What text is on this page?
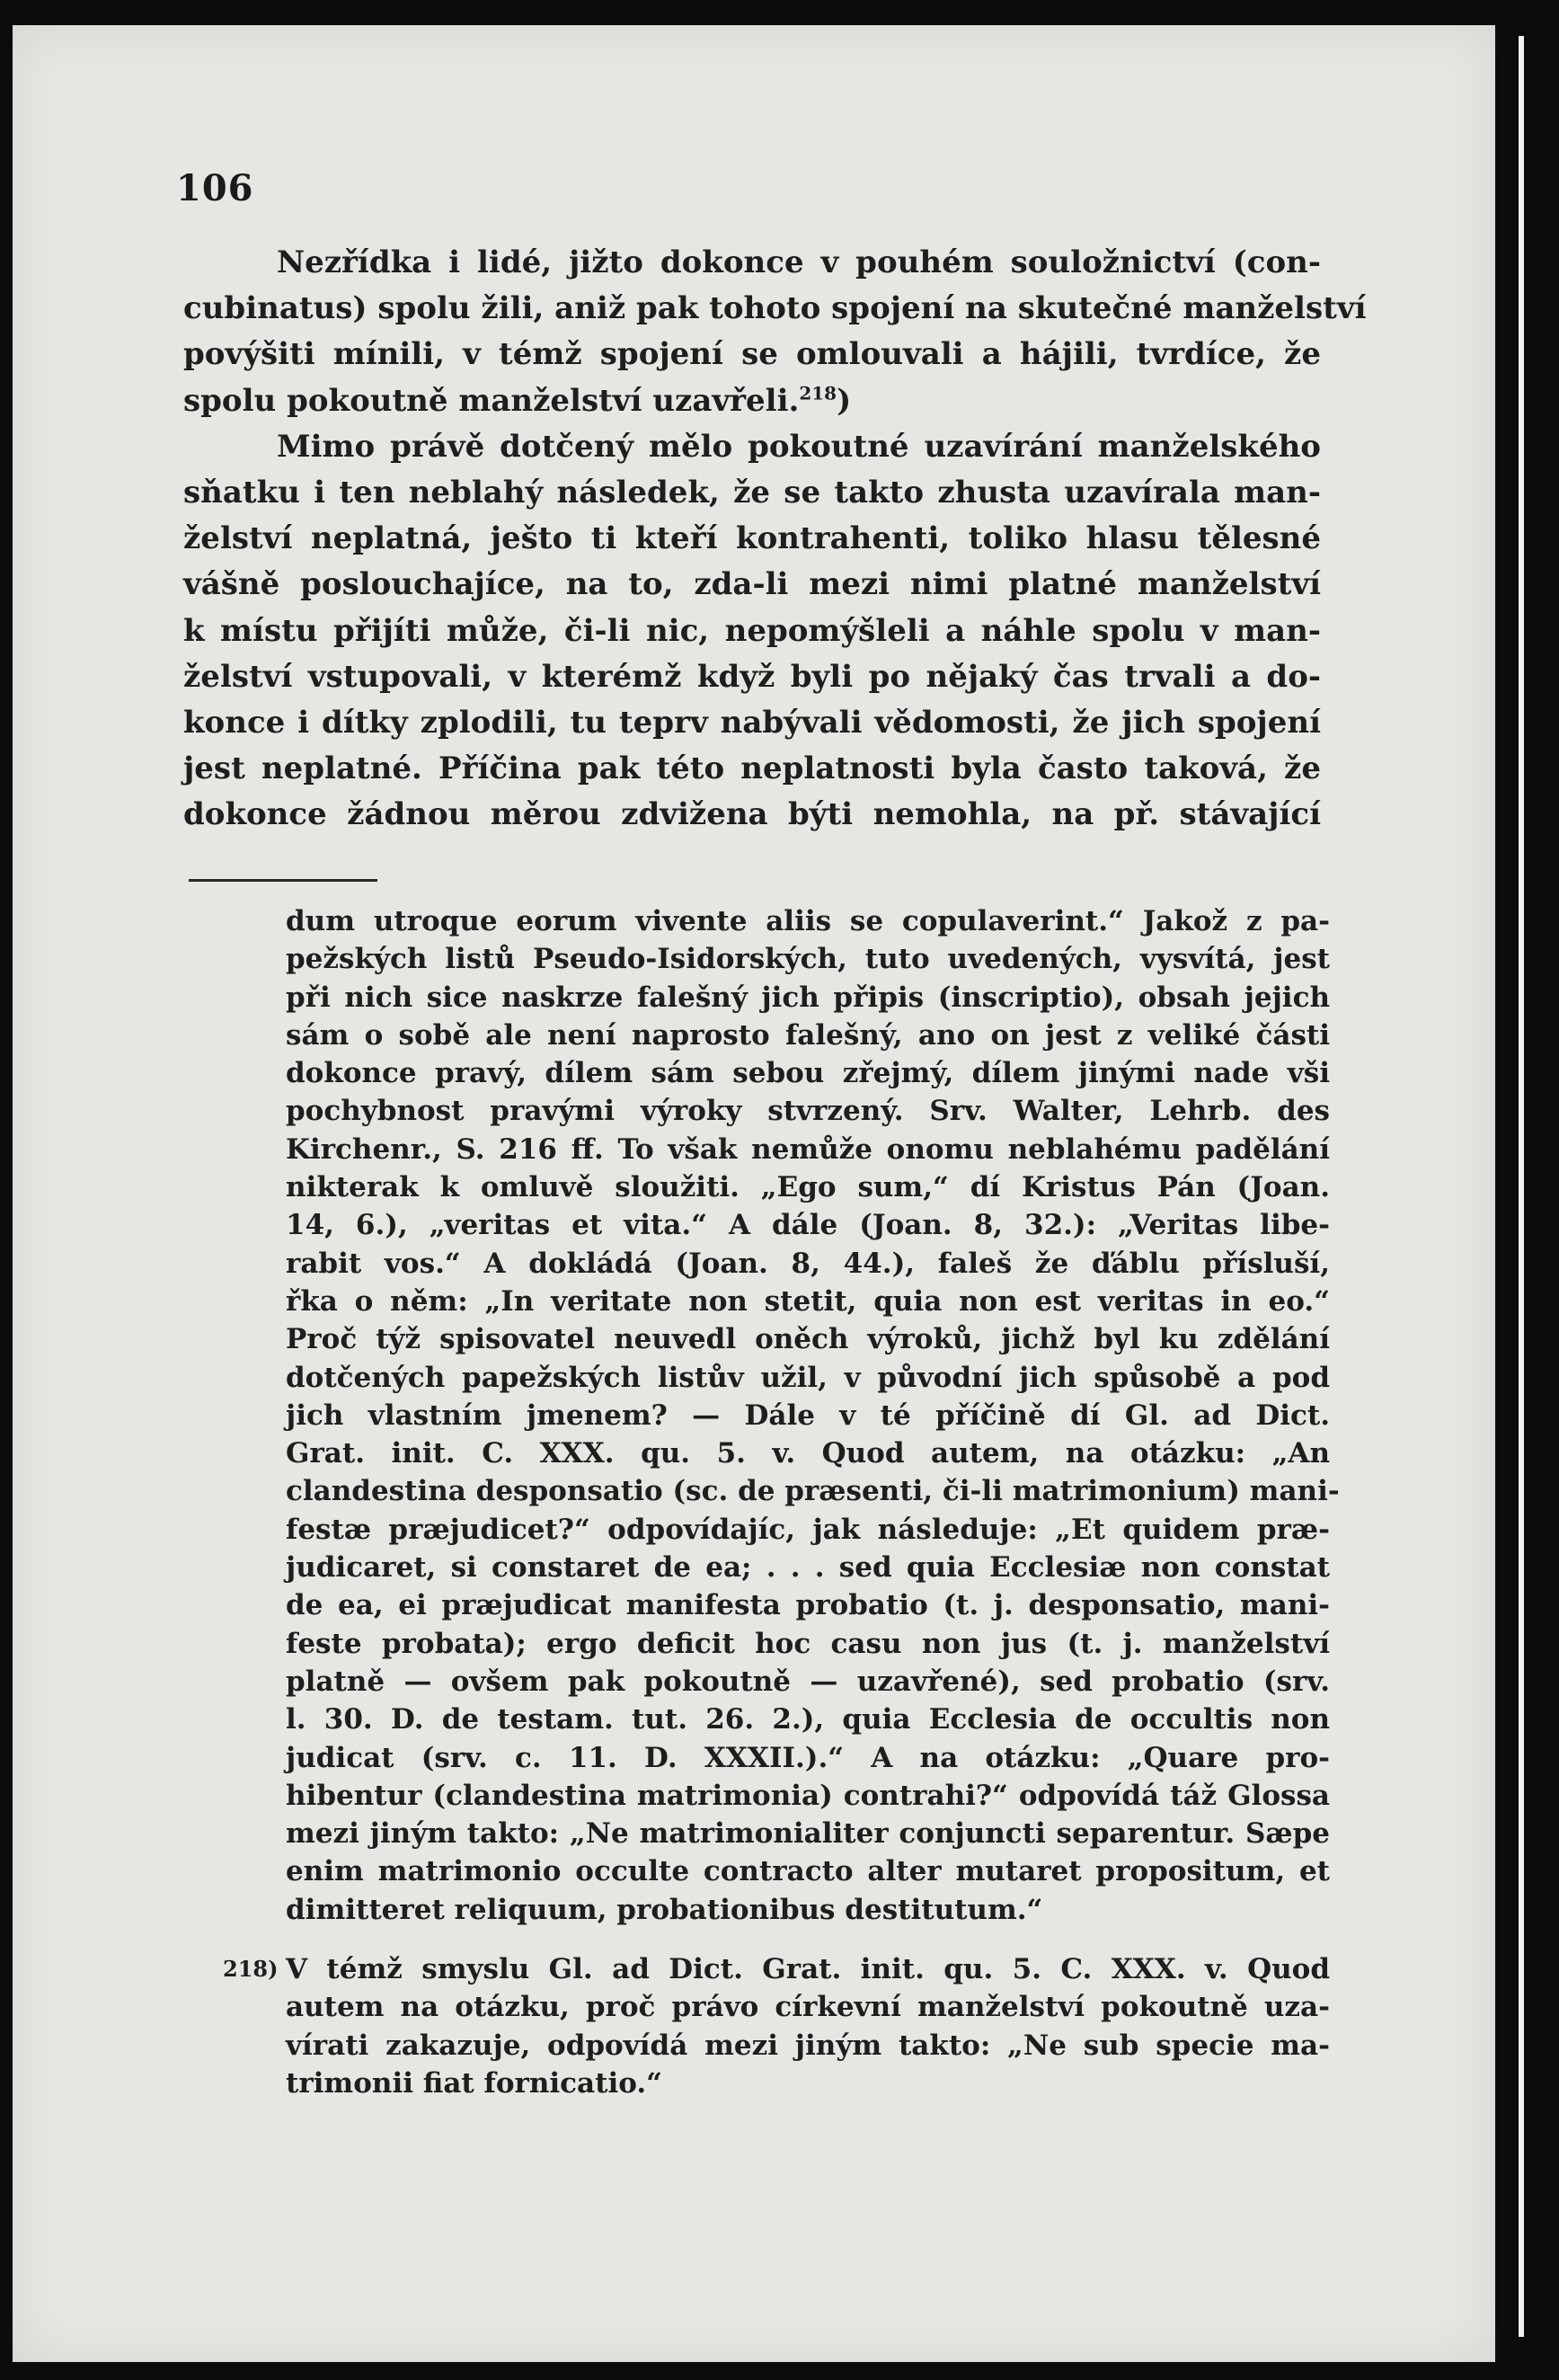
106
Nezřídka i lidé, jižto dokonce v pouhém souložnictví (con-
cubinatus) spolu žili, aniž pak tohoto spojení na skutečné manželství
povýšiti mínili, v témž spojení se omlouvali a hájili, tvrdíce, že
spolu pokoutně manželství uzavřeli.$^{218}$)
Mimo právě dotčený mělo pokoutné uzavírání manželského
sňatku i ten neblahý následek, že se takto zhusta uzavírala man-
želství neplatná, ješto ti kteří kontrahenti, toliko hlasu tělesné
vášně poslouchajíce, na to, zda-li mezi nimi platné manželství
k místu přijíti může, či-li nic, nepomýšleli a náhle spolu v man-
želství vstupovali, v kterémž když byli po nějaký čas trvali a do-
konce i dítky zplodili, tu teprv nabývali vědomosti, že jich spojení
jest neplatné. Příčina pak této neplatnosti byla často taková, že
dokonce žádnou měrou zdvižena býti nemohla, na př. stávající
dum utroque eorum vivente aliis se copulaverint.“ Jakož z pa-
pežských listů Pseudo-Isidorských, tuto uvedených, vysvítá, jest
při nich sice naskrze falešný jich připis (inscriptio), obsah jejich
sám o sobě ale není naprosto falešný, ano on jest z veliké části
dokonce pravý, dílem sám sebou zřejmý, dílem jinými nade vši
pochybnost pravými výroky stvrzený. Srv. Walter, Lehrb. des
Kirchenr., S. 216 ff. To však nemůže onomu neblahému padělání
nikterak k omluvě sloužiti. „Ego sum,“ dí Kristus Pán (Joan.
14, 6.), „veritas et vita.“ A dále (Joan. 8, 32.): „Veritas libe-
rabit vos.“ A dokládá (Joan. 8, 44.), faleš že ďáblu přísluší,
řka o něm: „In veritate non stetit, quia non est veritas in eo.“
Proč týž spisovatel neuvedl oněch výroků, jichž byl ku zdělání
dotčených papežských listův užil, v původní jich spůsobě a pod
jich vlastním jmenem? — Dále v té příčině dí Gl. ad Dict.
Grat. init. C. XXX. qu. 5. v. Quod autem, na otázku: „An
clandestina desponsatio (sc. de præsenti, či-li matrimonium) mani-
festæ præjudicet?“ odpovídajíc, jak následuje: „Et quidem præ-
judicaret, si constaret de ea; . . . sed quia Ecclesiæ non constat
de ea, ei præjudicat manifesta probatio (t. j. desponsatio, mani-
feste probata); ergo deficit hoc casu non jus (t. j. manželství
platně — ovšem pak pokoutně — uzavřené), sed probatio (srv.
l. 30. D. de testam. tut. 26. 2.), quia Ecclesia de occultis non
judicat (srv. c. 11. D. XXXII.).“ A na otázku: „Quare pro-
hibentur (clandestina matrimonia) contrahi?“ odpovídá táž Glossa
mezi jiným takto: „Ne matrimonialiter conjuncti separentur. Sæpe
enim matrimonio occulte contracto alter mutaret propositum, et
dimitteret reliquum, probationibus destitutum.“
218) V témž smyslu Gl. ad Dict. Grat. init. qu. 5. C. XXX. v. Quod
autem na otázku, proč právo církevní manželství pokoutně uza-
vírati zakazuje, odpovídá mezi jiným takto: „Ne sub specie ma-
trimonii fiat fornicatio.“
